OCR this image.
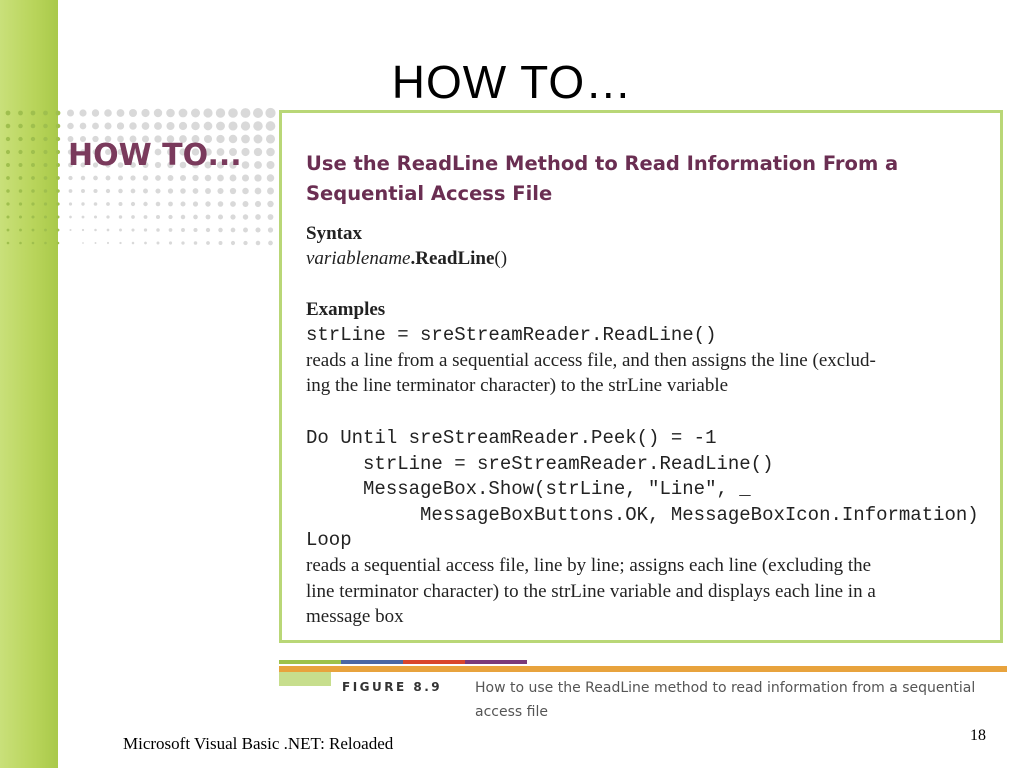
HOW TO…
HOW TO...	Use the ReadLine Method to Read Information From a Sequential Access File
Syntax
variablename.ReadLine()
Examples
strLine = sreStreamReader.ReadLine()
reads a line from a sequential access file, and then assigns the line (exclud-
ing the line terminator character) to the strLine variable
Do Until sreStreamReader.Peek() = -1
strLine = sreStreamReader.ReadLine()
MessageBox.Show(strLine, "Line", _
MessageBoxButtons.OK, MessageBoxIcon.Information)
Loop
reads a sequential access file, line by line; assigns each line (excluding the
line terminator character) to the strLine variable and displays each line in a
message box
FIGURE 8.9 How to use the ReadLine method to read information from a sequential access file
Microsoft Visual Basic .NET: Reloaded	18
